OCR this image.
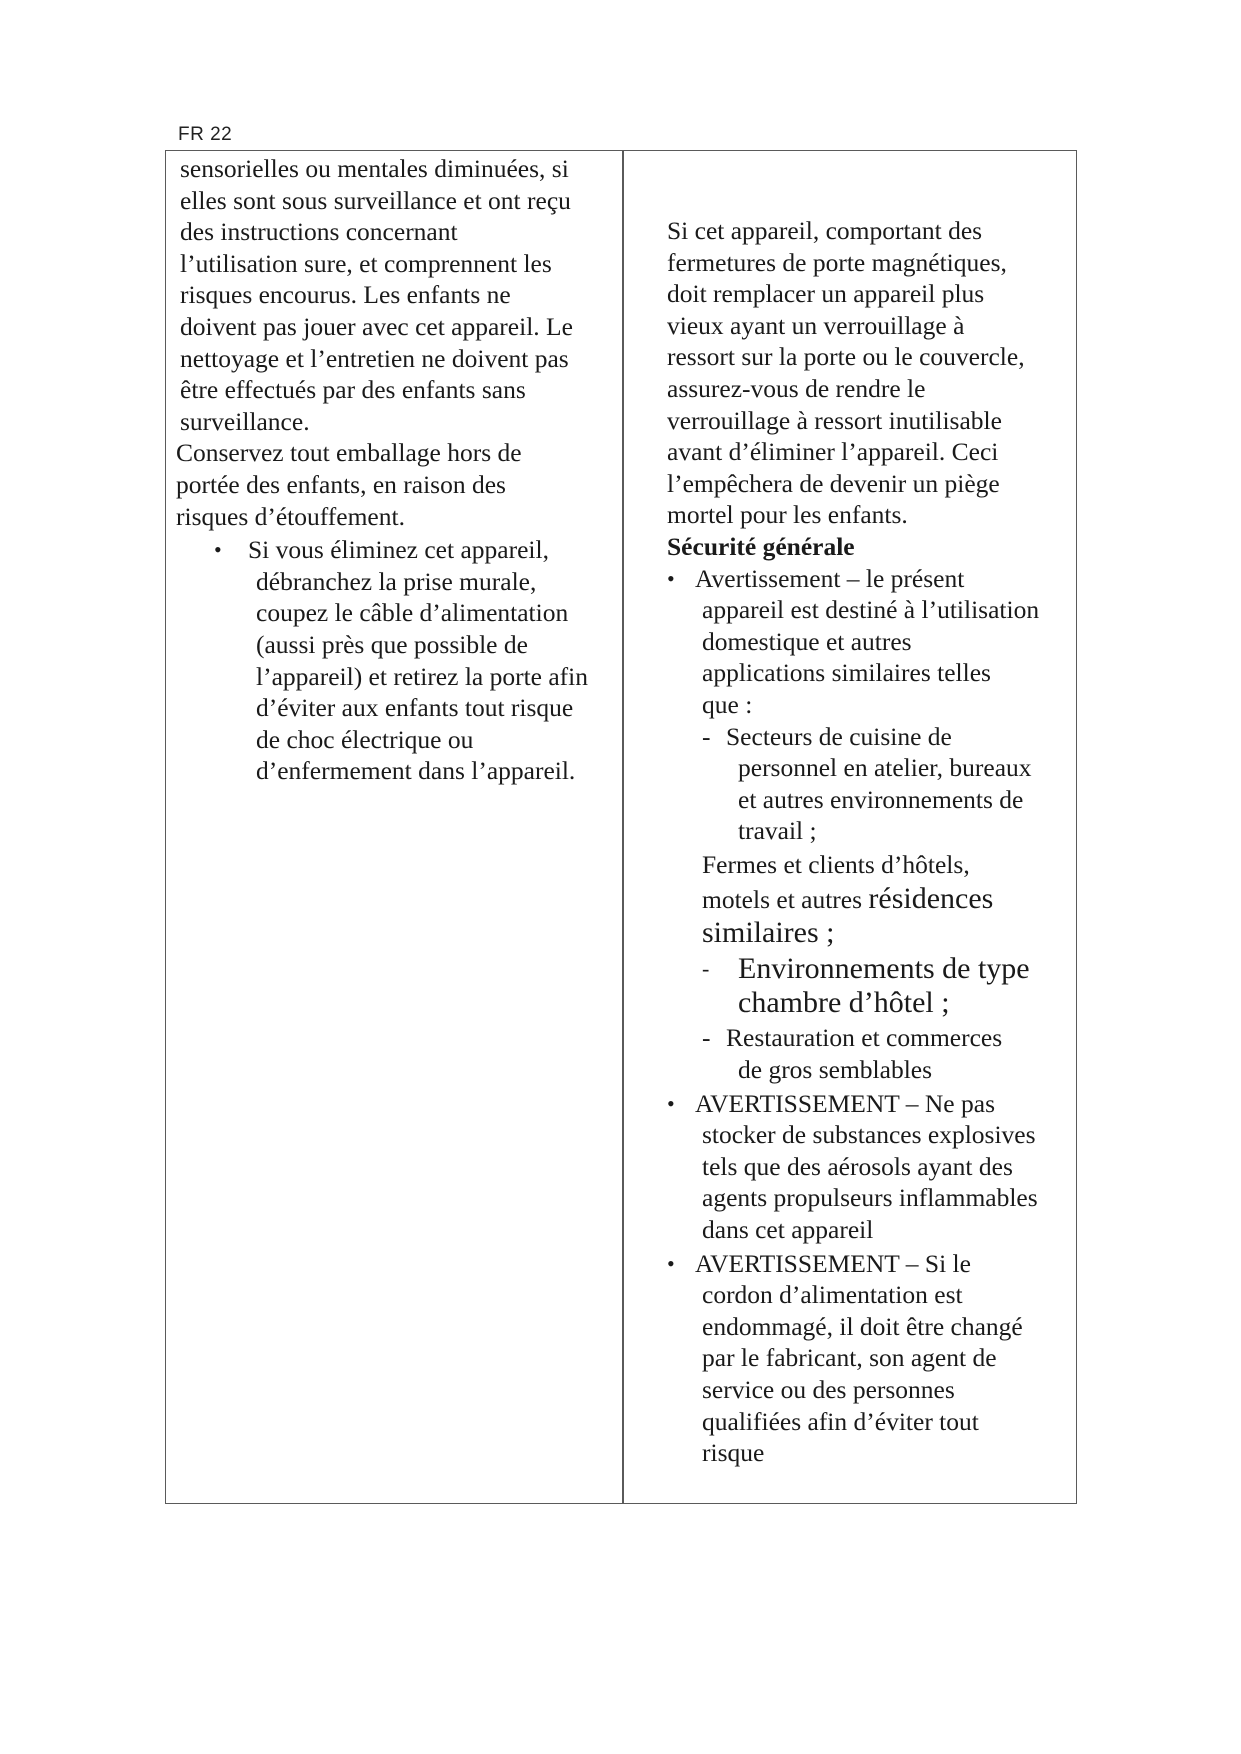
FR 22
sensorielles ou mentales diminuées, si
elles sont sous surveillance et ont reçu
des instructions concernant
l’utilisation sure, et comprennent les
risques encourus. Les enfants ne
doivent pas jouer avec cet appareil. Le
nettoyage et l’entretien ne doivent pas
être effectués par des enfants sans
surveillance.
Conservez tout emballage hors de
portée des enfants, en raison des
risques d’étouffement.
• Si vous éliminez cet appareil,
débranchez la prise murale,
coupez le câble d’alimentation
(aussi près que possible de
l’appareil) et retirez la porte afin
d’éviter aux enfants tout risque
de choc électrique ou
d’enfermement dans l’appareil.
Si cet appareil, comportant des
fermetures de porte magnétiques,
doit remplacer un appareil plus
vieux ayant un verrouillage à
ressort sur la porte ou le couvercle,
assurez-vous de rendre le
verrouillage à ressort inutilisable
avant d’éliminer l’appareil. Ceci
l’empêchera de devenir un piège
mortel pour les enfants.
Sécurité générale
• Avertissement – le présent
appareil est destiné à l’utilisation
domestique et autres
applications similaires telles
que :
- Secteurs de cuisine de
personnel en atelier, bureaux
et autres environnements de
travail ;
Fermes et clients d’hôtels,
motels et autres résidences
similaires ;
- Environnements de type
chambre d’hôtel ;
- Restauration et commerces
de gros semblables
• AVERTISSEMENT – Ne pas
stocker de substances explosives
tels que des aérosols ayant des
agents propulseurs inflammables
dans cet appareil
• AVERTISSEMENT – Si le
cordon d’alimentation est
endommagé, il doit être changé
par le fabricant, son agent de
service ou des personnes
qualifiées afin d’éviter tout
risque
